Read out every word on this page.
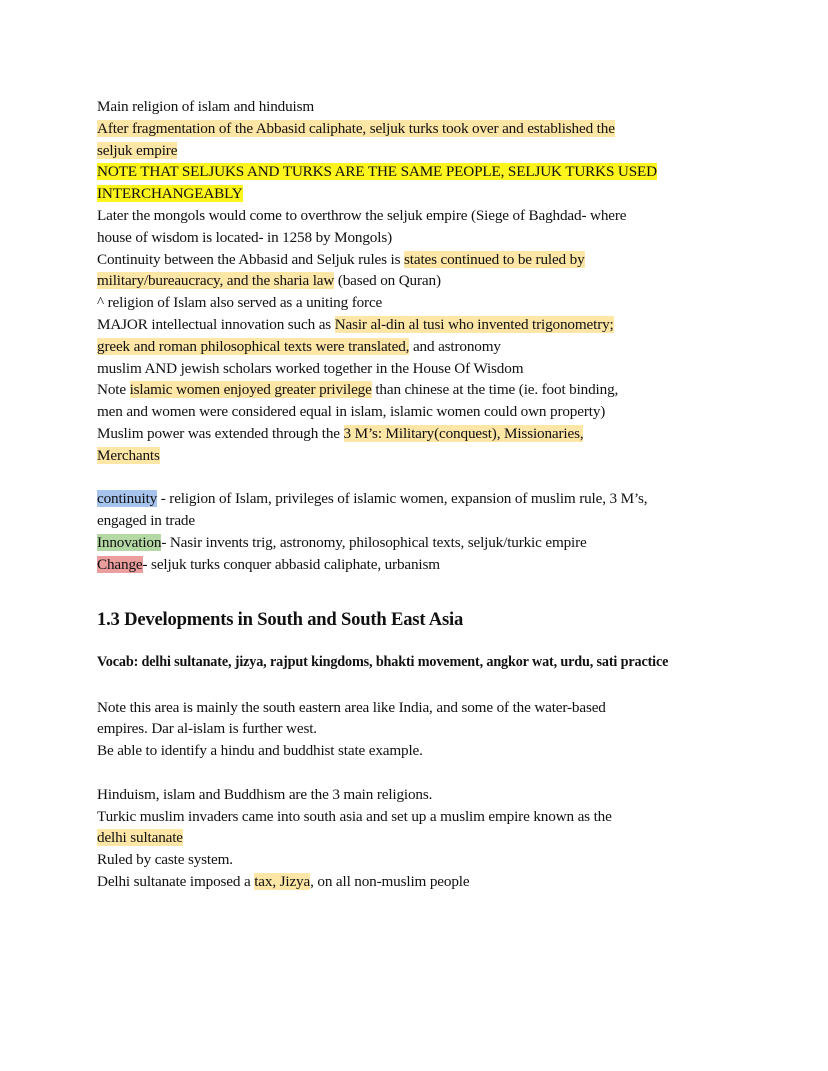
Main religion of islam and hinduism
After fragmentation of the Abbasid caliphate, seljuk turks took over and established the
seljuk empire
NOTE THAT SELJUKS AND TURKS ARE THE SAME PEOPLE, SELJUK TURKS USED
INTERCHANGEABLY
Later the mongols would come to overthrow the seljuk empire (Siege of Baghdad- where
house of wisdom is located- in 1258 by Mongols)
Continuity between the Abbasid and Seljuk rules is states continued to be ruled by
military/bureaucracy, and the sharia law (based on Quran)
^ religion of Islam also served as a uniting force
MAJOR intellectual innovation such as Nasir al-din al tusi who invented trigonometry;
greek and roman philosophical texts were translated, and astronomy
muslim AND jewish scholars worked together in the House Of Wisdom
Note islamic women enjoyed greater privilege than chinese at the time (ie. foot binding,
men and women were considered equal in islam, islamic women could own property)
Muslim power was extended through the 3 M’s: Military(conquest), Missionaries,
Merchants
continuity - religion of Islam, privileges of islamic women, expansion of muslim rule, 3 M’s,
engaged in trade
Innovation- Nasir invents trig, astronomy, philosophical texts, seljuk/turkic empire
Change- seljuk turks conquer abbasid caliphate, urbanism
1.3 Developments in South and South East Asia
Vocab: delhi sultanate, jizya, rajput kingdoms, bhakti movement, angkor wat, urdu, sati practice
Note this area is mainly the south eastern area like India, and some of the water-based
empires. Dar al-islam is further west.
Be able to identify a hindu and buddhist state example.
Hinduism, islam and Buddhism are the 3 main religions.
Turkic muslim invaders came into south asia and set up a muslim empire known as the
delhi sultanate
Ruled by caste system.
Delhi sultanate imposed a tax, Jizya, on all non-muslim people
